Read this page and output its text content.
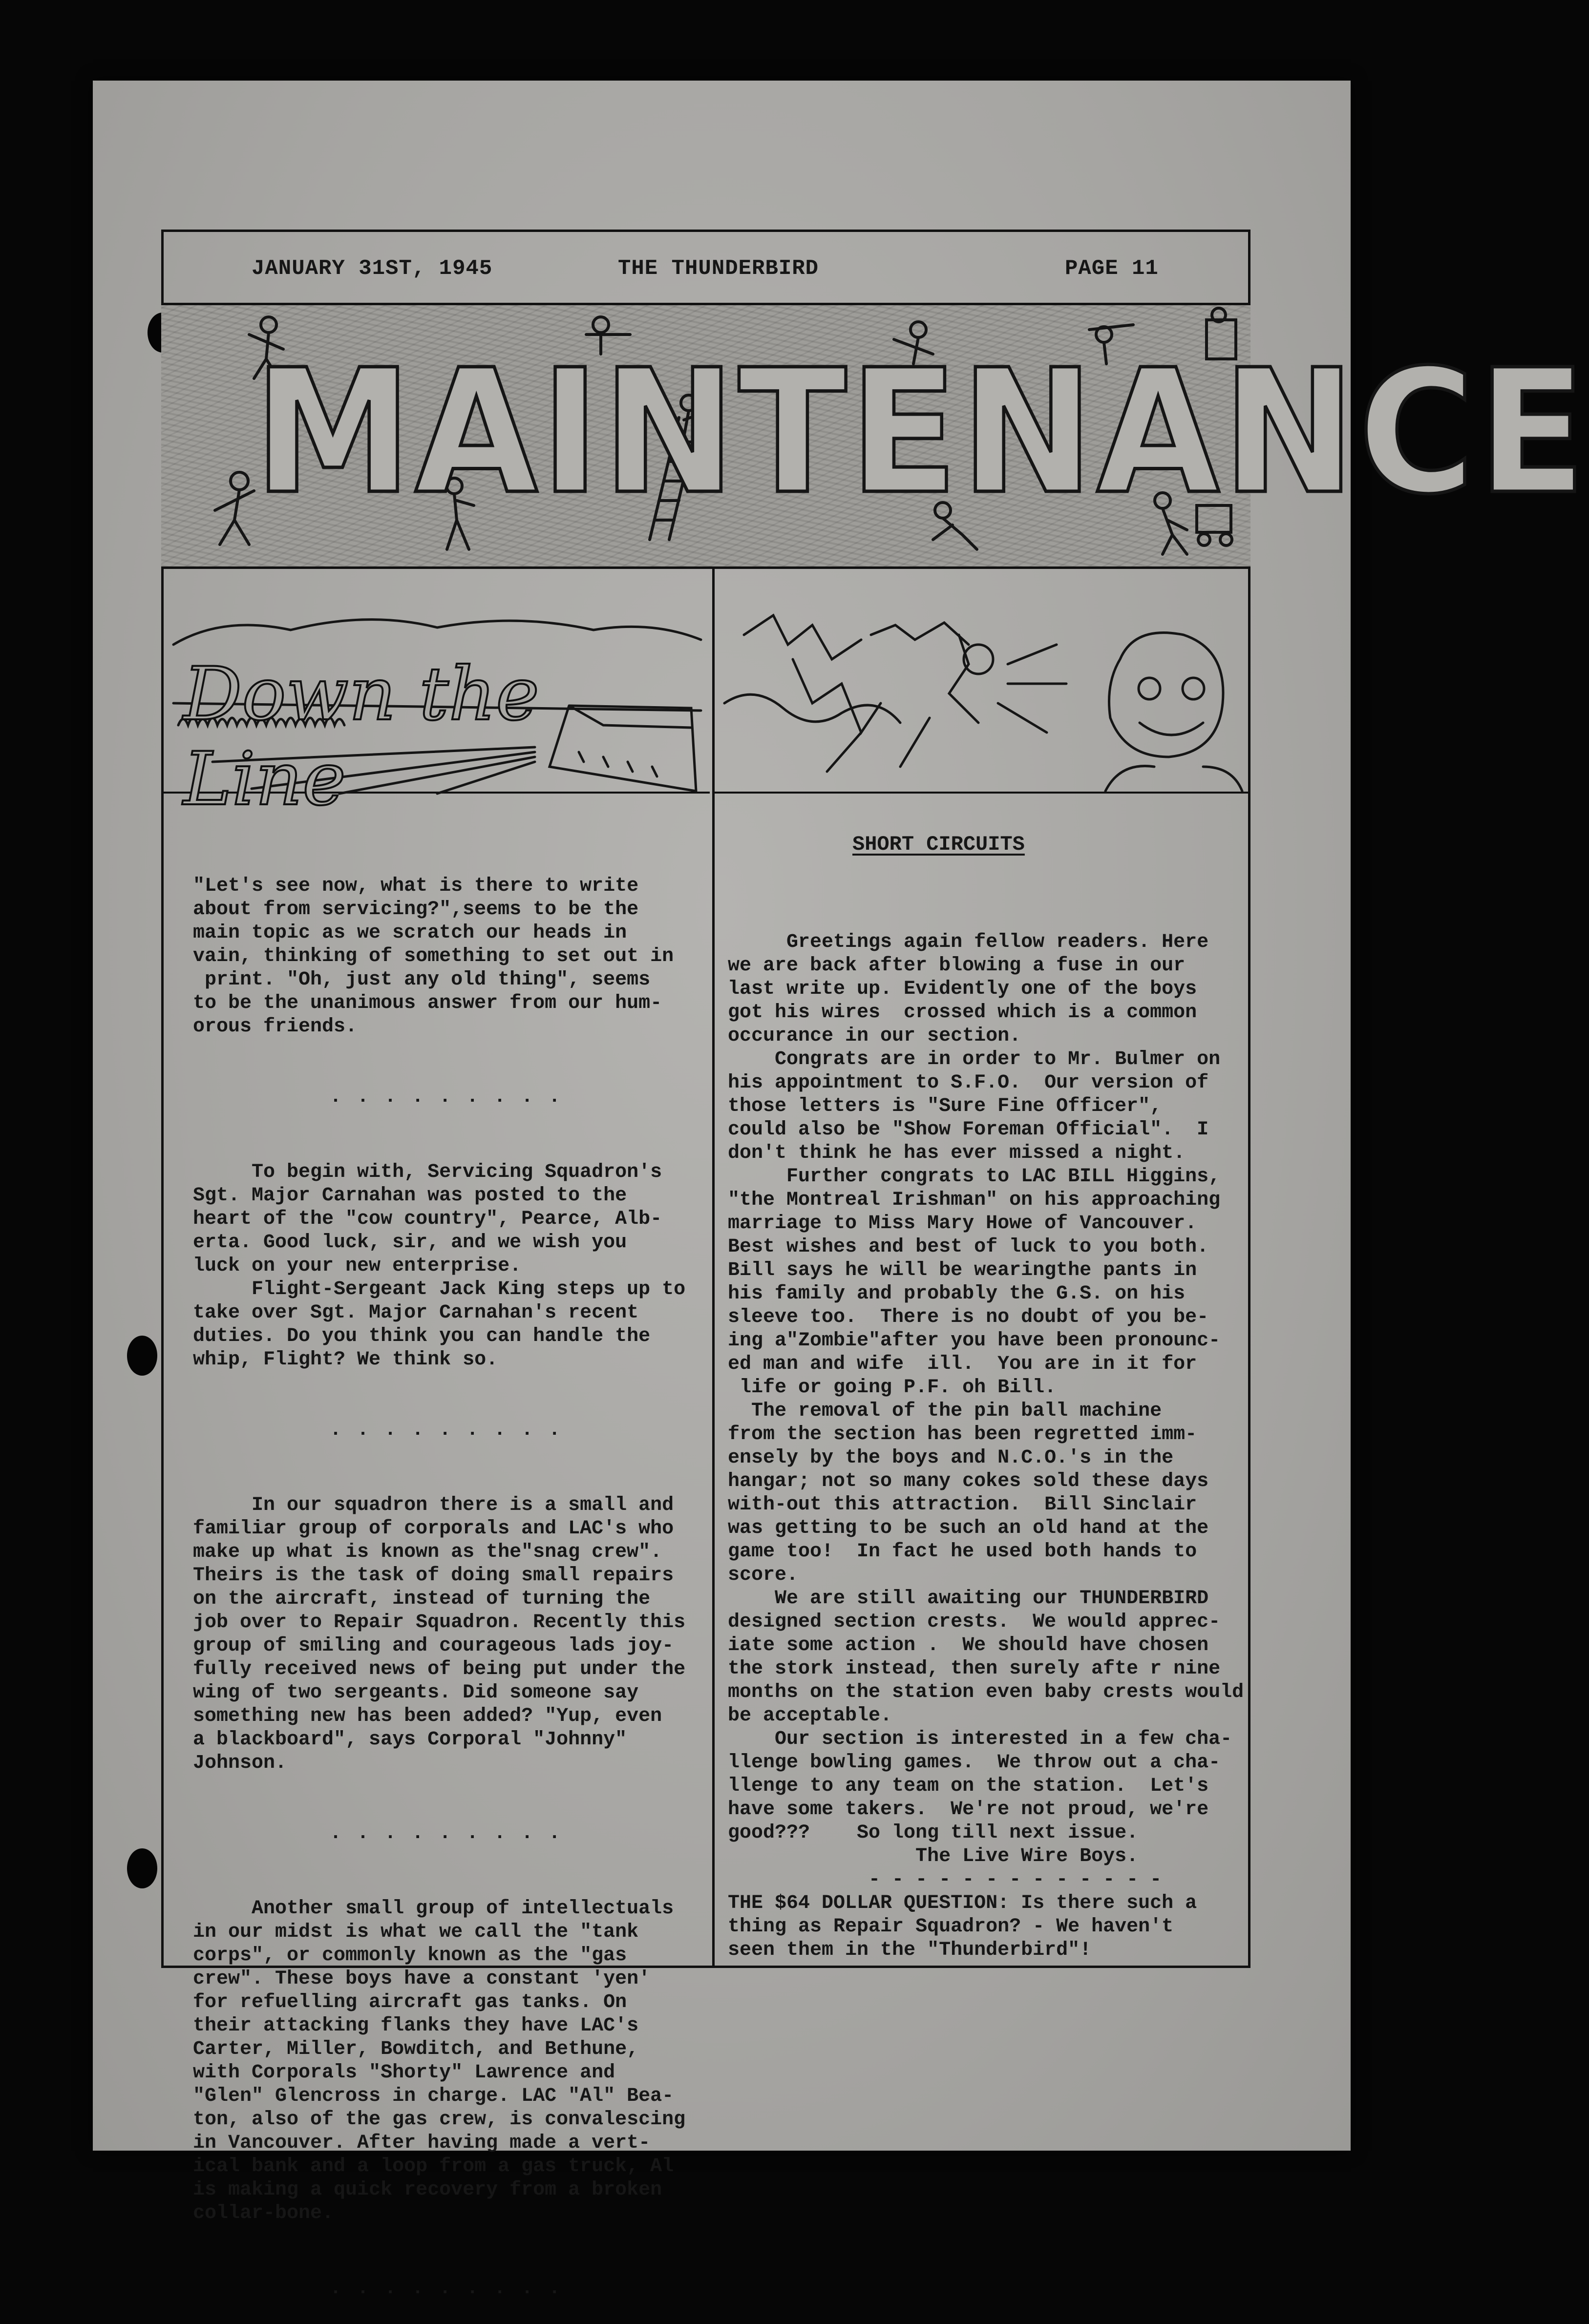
JANUARY 31ST, 1945	THE THUNDERBIRD	PAGE 11
MAINTENANCE
Down the Line

"Let's see now, what is there to write
about from servicing?",seems to be the
main topic as we scratch our heads in
vain, thinking of something to set out in
print. "Oh, just any old thing", seems
to be the unanimous answer from our hum-
orous friends.

. . . . . . . . .

To begin with, Servicing Squadron's
Sgt. Major Carnahan was posted to the
heart of the "cow country", Pearce, Alb-
erta. Good luck, sir, and we wish you
luck on your new enterprise.
Flight-Sergeant Jack King steps up to
take over Sgt. Major Carnahan's recent
duties. Do you think you can handle the
whip, Flight? We think so.

. . . . . . . . .

In our squadron there is a small and
familiar group of corporals and LAC's who
make up what is known as the"snag crew".
Theirs is the task of doing small repairs
on the aircraft, instead of turning the
job over to Repair Squadron. Recently this
group of smiling and courageous lads joy-
fully received news of being put under the
wing of two sergeants. Did someone say
something new has been added? "Yup, even
a blackboard", says Corporal "Johnny"
Johnson.

. . . . . . . . .

Another small group of intellectuals
in our midst is what we call the "tank
corps", or commonly known as the "gas
crew". These boys have a constant 'yen'
for refuelling aircraft gas tanks. On
their attacking flanks they have LAC's
Carter, Miller, Bowditch, and Bethune,
with Corporals "Shorty" Lawrence and
"Glen" Glencross in charge. LAC "Al" Bea-
ton, also of the gas crew, is convalescing
in Vancouver. After having made a vert-
ical bank and a loop from a gas truck, Al
is making a quick recovery from a broken
collar-bone.

. . . . . . . . .

SHORT CIRCUITS

Greetings again fellow readers. Here
we are back after blowing a fuse in our
last write up. Evidently one of the boys
got his wires  crossed which is a common
occurance in our section.
Congrats are in order to Mr. Bulmer on
his appointment to S.F.O.  Our version of
those letters is "Sure Fine Officer",
could also be "Show Foreman Official".  I
don't think he has ever missed a night.
Further congrats to LAC BILL Higgins,
"the Montreal Irishman" on his approaching
marriage to Miss Mary Howe of Vancouver.
Best wishes and best of luck to you both.
Bill says he will be wearingthe pants in
his family and probably the G.S. on his
sleeve too.  There is no doubt of you be-
ing a"Zombie"after you have been pronounc-
ed man and wife  ill.  You are in it for
life or going P.F. oh Bill.
The removal of the pin ball machine
from the section has been regretted imm-
ensely by the boys and N.C.O.'s in the
hangar; not so many cokes sold these days
with-out this attraction.  Bill Sinclair
was getting to be such an old hand at the
game too!  In fact he used both hands to
score.
We are still awaiting our THUNDERBIRD
designed section crests.  We would apprec-
iate some action .  We should have chosen
the stork instead, then surely afte r nine
months on the station even baby crests would
be acceptable.
Our section is interested in a few cha-
llenge bowling games.  We throw out a cha-
llenge to any team on the station.  Let's
have some takers.  We're not proud, we're
good???    So long till next issue.
The Live Wire Boys.
- - - - - - - - - - - - -
THE $64 DOLLAR QUESTION: Is there such a
thing as Repair Squadron? - We haven't
seen them in the "Thunderbird"!
